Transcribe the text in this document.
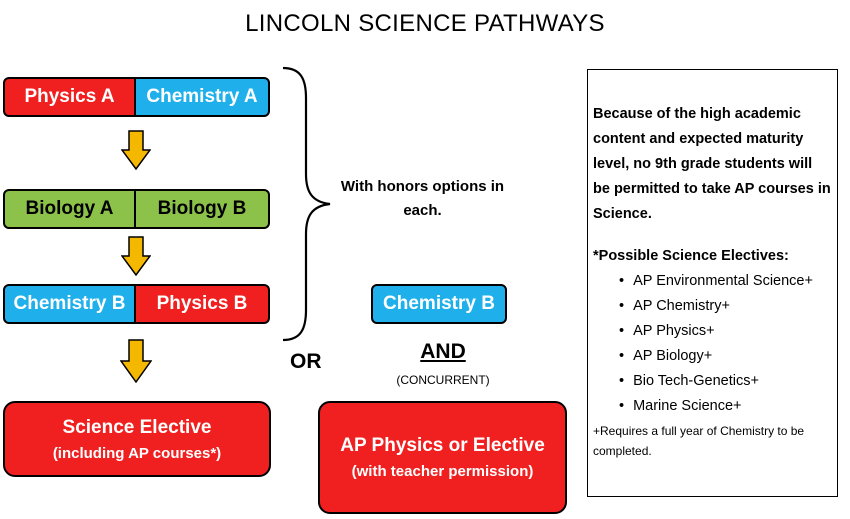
LINCOLN SCIENCE PATHWAYS
Physics A	Chemistry A
Biology A	Biology B
Chemistry B	Physics B
With honors options in each.
Chemistry B
OR	AND
(CONCURRENT)
Science Elective
(including AP courses*)	AP Physics or Elective
(with teacher permission)
Because of the high academic content and expected maturity level, no 9th grade students will be permitted to take AP courses in Science.
*Possible Science Electives:
• AP Environmental Science+
• AP Chemistry+
• AP Physics+
• AP Biology+
• Bio Tech-Genetics+
• Marine Science+
+Requires a full year of Chemistry to be completed.
